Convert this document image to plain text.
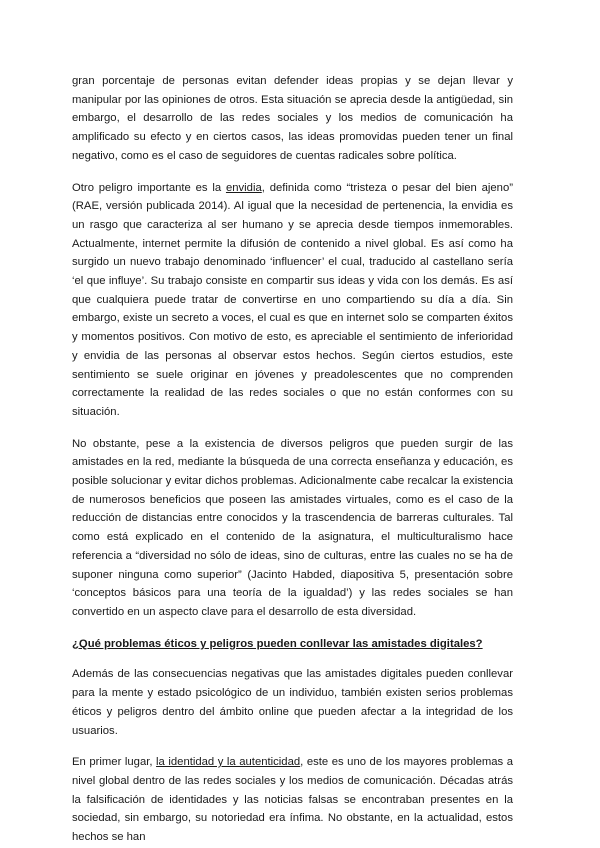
gran porcentaje de personas evitan defender ideas propias y se dejan llevar y manipular por las opiniones de otros. Esta situación se aprecia desde la antigüedad, sin embargo, el desarrollo de las redes sociales y los medios de comunicación ha amplificado su efecto y en ciertos casos, las ideas promovidas pueden tener un final negativo, como es el caso de seguidores de cuentas radicales sobre política.

Otro peligro importante es la envidia, definida como “tristeza o pesar del bien ajeno” (RAE, versión publicada 2014). Al igual que la necesidad de pertenencia, la envidia es un rasgo que caracteriza al ser humano y se aprecia desde tiempos inmemorables. Actualmente, internet permite la difusión de contenido a nivel global. Es así como ha surgido un nuevo trabajo denominado ‘influencer’ el cual, traducido al castellano sería ‘el que influye’. Su trabajo consiste en compartir sus ideas y vida con los demás. Es así que cualquiera puede tratar de convertirse en uno compartiendo su día a día. Sin embargo, existe un secreto a voces, el cual es que en internet solo se comparten éxitos y momentos positivos. Con motivo de esto, es apreciable el sentimiento de inferioridad y envidia de las personas al observar estos hechos. Según ciertos estudios, este sentimiento se suele originar en jóvenes y preadolescentes que no comprenden correctamente la realidad de las redes sociales o que no están conformes con su situación.

No obstante, pese a la existencia de diversos peligros que pueden surgir de las amistades en la red, mediante la búsqueda de una correcta enseñanza y educación, es posible solucionar y evitar dichos problemas. Adicionalmente cabe recalcar la existencia de numerosos beneficios que poseen las amistades virtuales, como es el caso de la reducción de distancias entre conocidos y la trascendencia de barreras culturales. Tal como está explicado en el contenido de la asignatura, el multiculturalismo hace referencia a “diversidad no sólo de ideas, sino de culturas, entre las cuales no se ha de suponer ninguna como superior” (Jacinto Habded, diapositiva 5, presentación sobre ‘conceptos básicos para una teoría de la igualdad’) y las redes sociales se han convertido en un aspecto clave para el desarrollo de esta diversidad.

¿Qué problemas éticos y peligros pueden conllevar las amistades digitales?

Además de las consecuencias negativas que las amistades digitales pueden conllevar para la mente y estado psicológico de un individuo, también existen serios problemas éticos y peligros dentro del ámbito online que pueden afectar a la integridad de los usuarios.

En primer lugar, la identidad y la autenticidad, este es uno de los mayores problemas a nivel global dentro de las redes sociales y los medios de comunicación. Décadas atrás la falsificación de identidades y las noticias falsas se encontraban presentes en la sociedad, sin embargo, su notoriedad era ínfima. No obstante, en la actualidad, estos hechos se han
